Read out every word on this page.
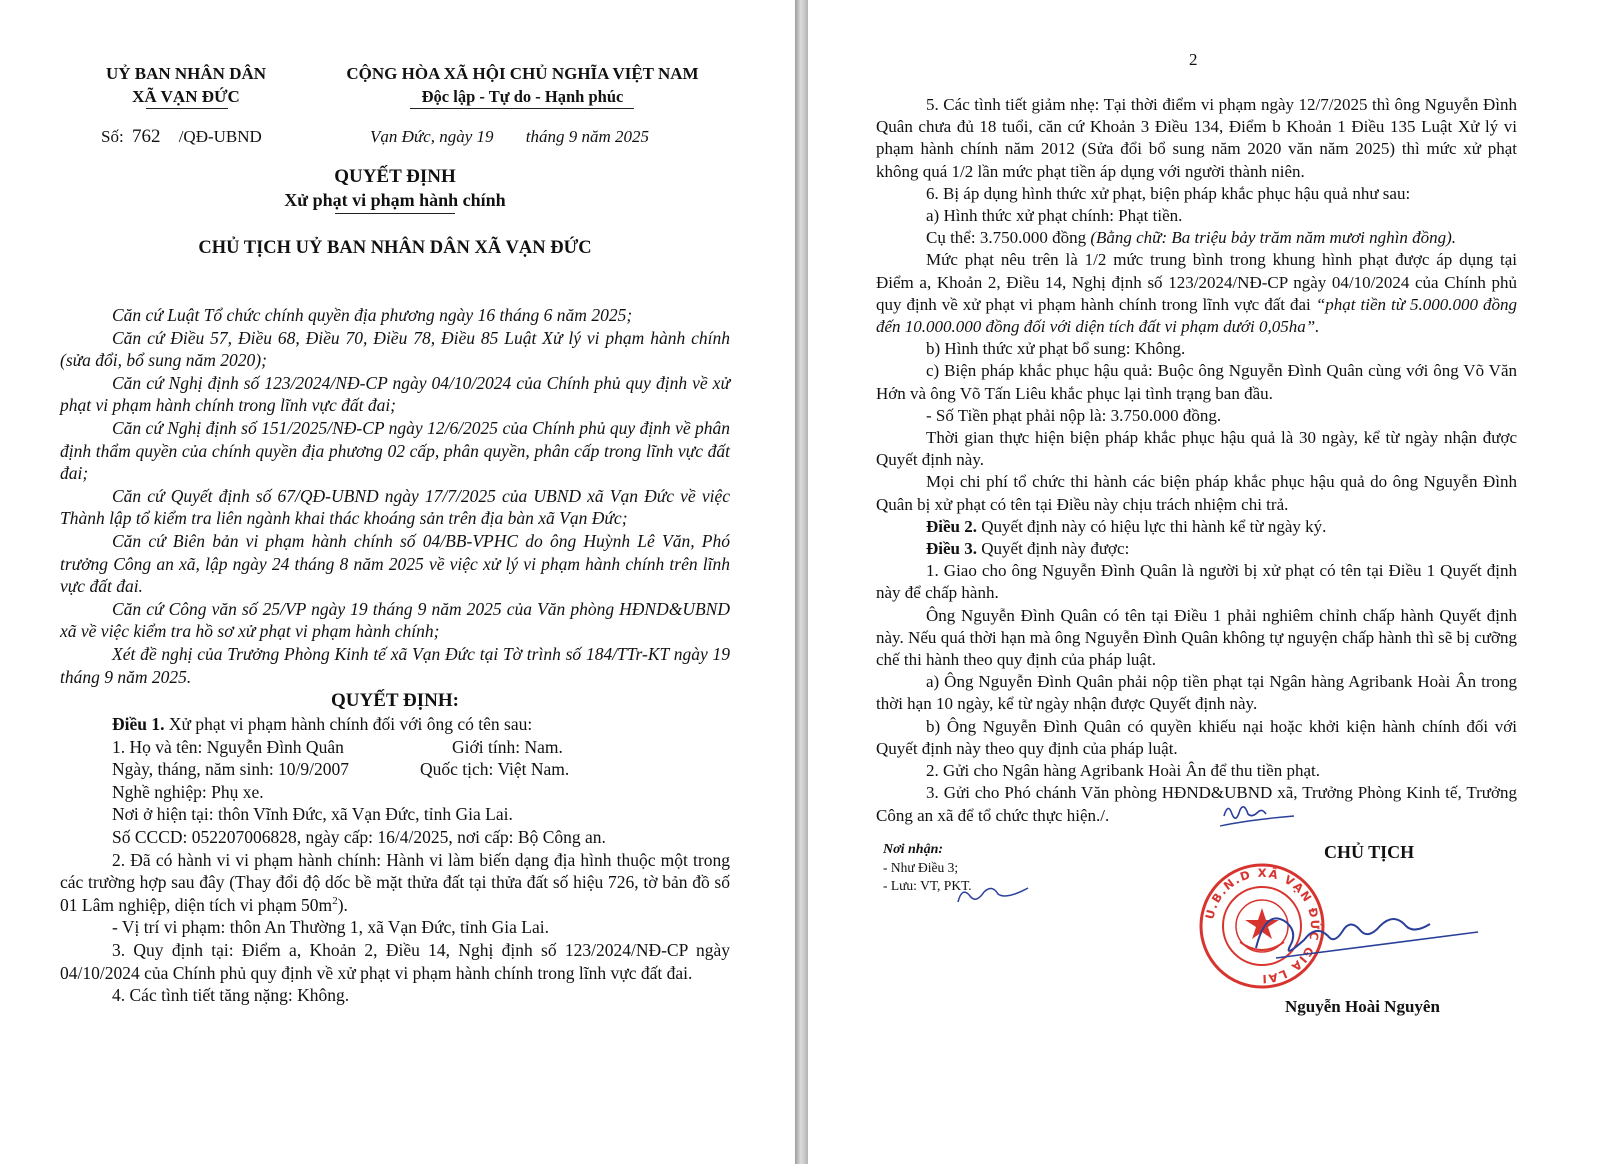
UỶ BAN NHÂN DÂN
XÃ VẠN ĐỨC
CỘNG HÒA XÃ HỘI CHỦ NGHĨA VIỆT NAM
Độc lập - Tự do - Hạnh phúc
Số: 762 /QĐ-UBND	Vạn Đức, ngày 19 tháng 9 năm 2025
QUYẾT ĐỊNH
Xử phạt vi phạm hành chính
CHỦ TỊCH UỶ BAN NHÂN DÂN XÃ VẠN ĐỨC

Căn cứ Luật Tổ chức chính quyền địa phương ngày 16 tháng 6 năm 2025;

Căn cứ Điều 57, Điều 68, Điều 70, Điều 78, Điều 85 Luật Xử lý vi phạm hành chính (sửa đổi, bổ sung năm 2020);

Căn cứ Nghị định số 123/2024/NĐ-CP ngày 04/10/2024 của Chính phủ quy định về xử phạt vi phạm hành chính trong lĩnh vực đất đai;

Căn cứ Nghị định số 151/2025/NĐ-CP ngày 12/6/2025 của Chính phủ quy định về phân định thẩm quyền của chính quyền địa phương 02 cấp, phân quyền, phân cấp trong lĩnh vực đất đai;

Căn cứ Quyết định số 67/QĐ-UBND ngày 17/7/2025 của UBND xã Vạn Đức về việc Thành lập tổ kiểm tra liên ngành khai thác khoáng sản trên địa bàn xã Vạn Đức;

Căn cứ Biên bản vi phạm hành chính số 04/BB-VPHC do ông Huỳnh Lê Văn, Phó trưởng Công an xã, lập ngày 24 tháng 8 năm 2025 về việc xử lý vi phạm hành chính trên lĩnh vực đất đai.

Căn cứ Công văn số 25/VP ngày 19 tháng 9 năm 2025 của Văn phòng HĐND&UBND xã về việc kiểm tra hồ sơ xử phạt vi phạm hành chính;

Xét đề nghị của Trưởng Phòng Kinh tế xã Vạn Đức tại Tờ trình số 184/TTr-KT ngày 19 tháng 9 năm 2025.

QUYẾT ĐỊNH:

Điều 1. Xử phạt vi phạm hành chính đối với ông có tên sau:

1. Họ và tên: Nguyễn Đình Quân	Giới tính: Nam.
Ngày, tháng, năm sinh: 10/9/2007	Quốc tịch: Việt Nam.

Nghề nghiệp: Phụ xe.

Nơi ở hiện tại: thôn Vĩnh Đức, xã Vạn Đức, tỉnh Gia Lai.

Số CCCD: 052207006828, ngày cấp: 16/4/2025, nơi cấp: Bộ Công an.

2. Đã có hành vi vi phạm hành chính: Hành vi làm biến dạng địa hình thuộc một trong các trường hợp sau đây (Thay đổi độ dốc bề mặt thửa đất tại thửa đất số hiệu 726, tờ bản đồ số 01 Lâm nghiệp, diện tích vi phạm $50m^2$).

- Vị trí vi phạm: thôn An Thường 1, xã Vạn Đức, tỉnh Gia Lai.

3. Quy định tại: Điểm a, Khoản 2, Điều 14, Nghị định số 123/2024/NĐ-CP ngày 04/10/2024 của Chính phủ quy định về xử phạt vi phạm hành chính trong lĩnh vực đất đai.

4. Các tình tiết tăng nặng: Không.

2

5. Các tình tiết giảm nhẹ: Tại thời điểm vi phạm ngày 12/7/2025 thì ông Nguyễn Đình Quân chưa đủ 18 tuổi, căn cứ Khoản 3 Điều 134, Điểm b Khoản 1 Điều 135 Luật Xử lý vi phạm hành chính năm 2012 (Sửa đổi bổ sung năm 2020 văn năm 2025) thì mức xử phạt không quá 1/2 lần mức phạt tiền áp dụng với người thành niên.

6. Bị áp dụng hình thức xử phạt, biện pháp khắc phục hậu quả như sau:

a) Hình thức xử phạt chính: Phạt tiền.

Cụ thể: 3.750.000 đồng (Bằng chữ: Ba triệu bảy trăm năm mươi nghìn đồng).

Mức phạt nêu trên là 1/2 mức trung bình trong khung hình phạt được áp dụng tại Điểm a, Khoản 2, Điều 14, Nghị định số 123/2024/NĐ-CP ngày 04/10/2024 của Chính phủ quy định về xử phạt vi phạm hành chính trong lĩnh vực đất đai “phạt tiền từ 5.000.000 đồng đến 10.000.000 đồng đối với diện tích đất vi phạm dưới 0,05ha”.

b) Hình thức xử phạt bổ sung: Không.

c) Biện pháp khắc phục hậu quả: Buộc ông Nguyễn Đình Quân cùng với ông Võ Văn Hớn và ông Võ Tấn Liêu khắc phục lại tình trạng ban đầu.

- Số Tiền phạt phải nộp là: 3.750.000 đồng.

Thời gian thực hiện biện pháp khắc phục hậu quả là 30 ngày, kể từ ngày nhận được Quyết định này.

Mọi chi phí tổ chức thi hành các biện pháp khắc phục hậu quả do ông Nguyễn Đình Quân bị xử phạt có tên tại Điều này chịu trách nhiệm chi trả.

Điều 2. Quyết định này có hiệu lực thi hành kể từ ngày ký.

Điều 3. Quyết định này được:

1. Giao cho ông Nguyễn Đình Quân là người bị xử phạt có tên tại Điều 1 Quyết định này để chấp hành.

Ông Nguyễn Đình Quân có tên tại Điều 1 phải nghiêm chỉnh chấp hành Quyết định này. Nếu quá thời hạn mà ông Nguyễn Đình Quân không tự nguyện chấp hành thì sẽ bị cưỡng chế thi hành theo quy định của pháp luật.

a) Ông Nguyễn Đình Quân phải nộp tiền phạt tại Ngân hàng Agribank Hoài Ân trong thời hạn 10 ngày, kể từ ngày nhận được Quyết định này.

b) Ông Nguyễn Đình Quân có quyền khiếu nại hoặc khởi kiện hành chính đối với Quyết định này theo quy định của pháp luật.

2. Gửi cho Ngân hàng Agribank Hoài Ân để thu tiền phạt.

3. Gửi cho Phó chánh Văn phòng HĐND&UBND xã, Trưởng Phòng Kinh tế, Trưởng Công an xã để tổ chức thực hiện./.

Nơi nhận:
- Như Điều 3;
- Lưu: VT, PKT.
CHỦ TỊCH
U.B.N.D XÃ VẠN ĐỨC GIA LAI
Nguyễn Hoài Nguyên
